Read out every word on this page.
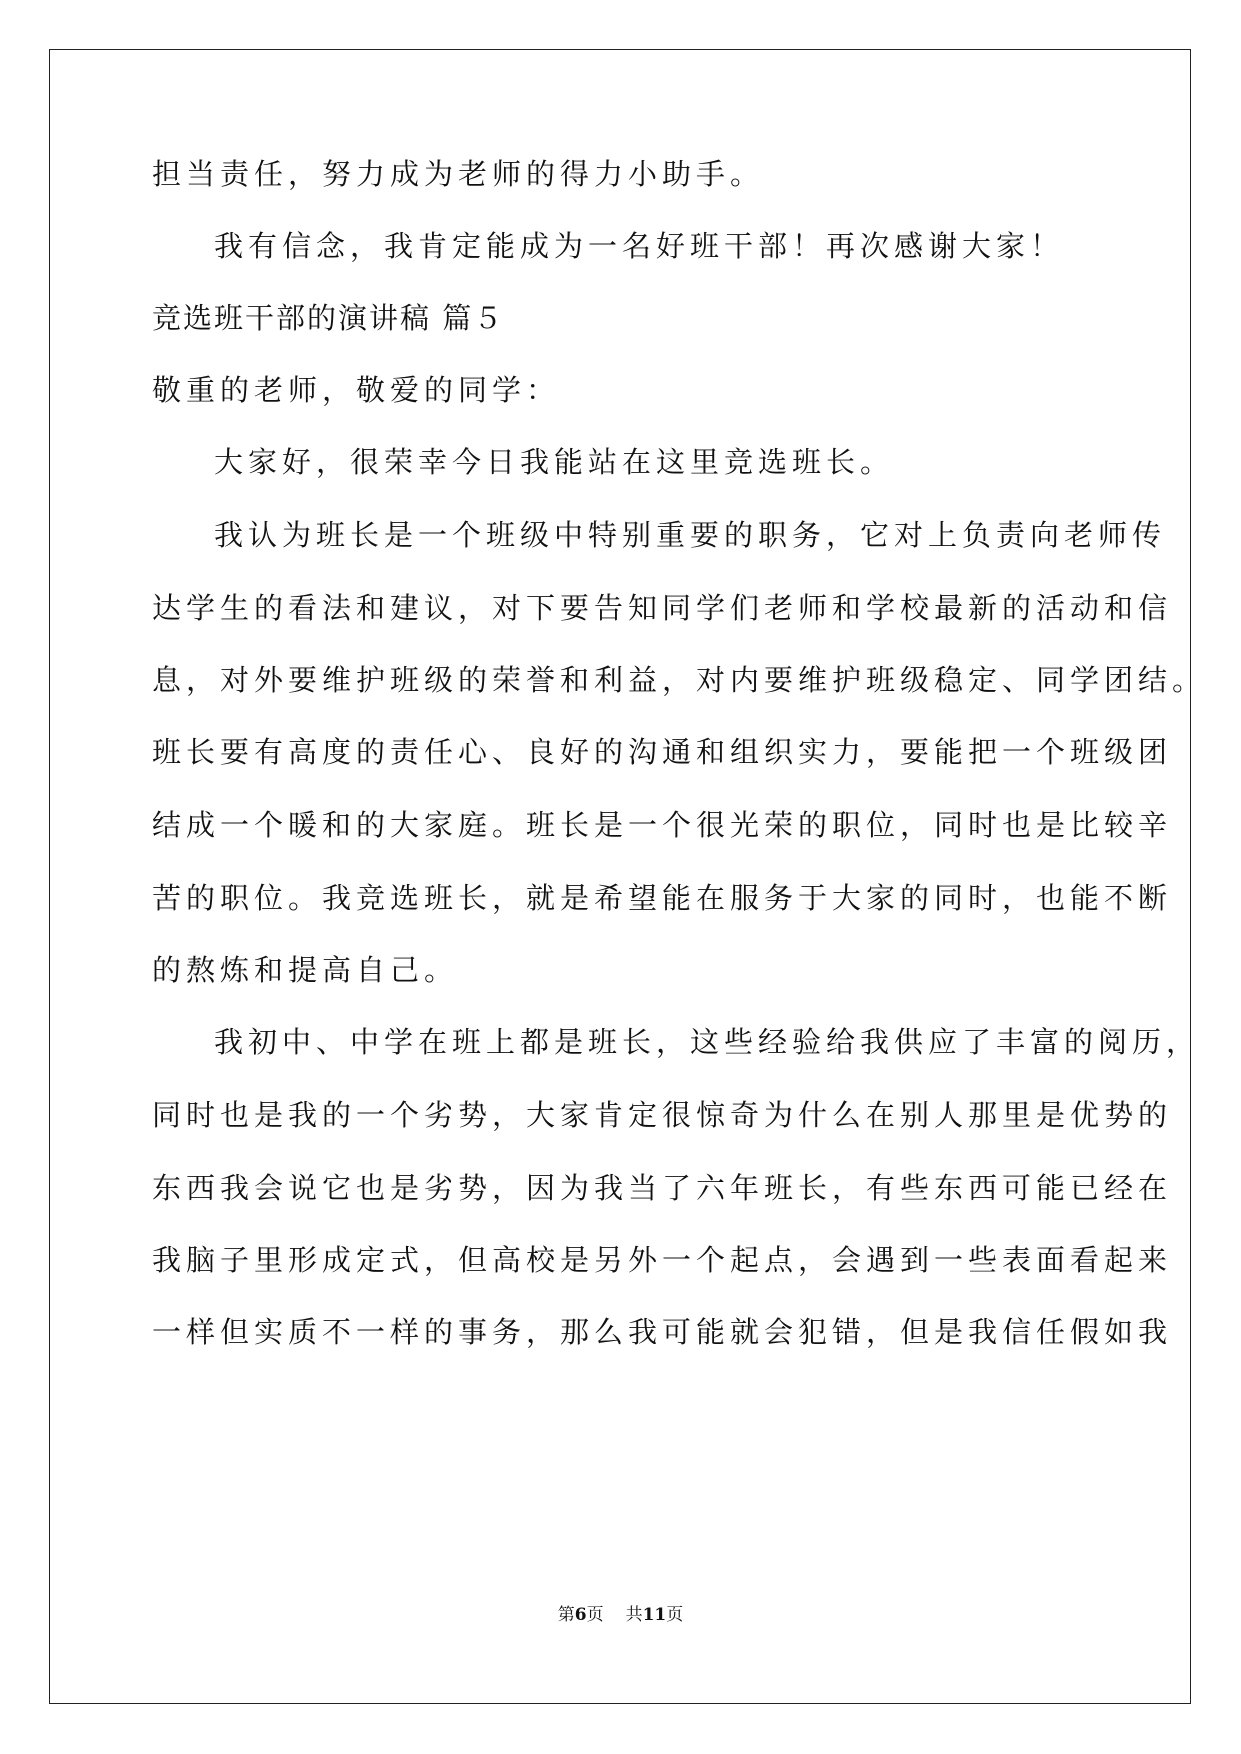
担当责任，努力成为老师的得力小助手。
我有信念，我肯定能成为一名好班干部！再次感谢大家！
竞选班干部的演讲稿 篇５
敬重的老师，敬爱的同学：
大家好，很荣幸今日我能站在这里竞选班长。
我认为班长是一个班级中特别重要的职务，它对上负责向老师传
达学生的看法和建议，对下要告知同学们老师和学校最新的活动和信
息，对外要维护班级的荣誉和利益，对内要维护班级稳定、同学团结。
班长要有高度的责任心、良好的沟通和组织实力，要能把一个班级团
结成一个暖和的大家庭。班长是一个很光荣的职位，同时也是比较辛
苦的职位。我竞选班长，就是希望能在服务于大家的同时，也能不断
的熬炼和提高自己。
我初中、中学在班上都是班长，这些经验给我供应了丰富的阅历，
同时也是我的一个劣势，大家肯定很惊奇为什么在别人那里是优势的
东西我会说它也是劣势，因为我当了六年班长，有些东西可能已经在
我脑子里形成定式，但高校是另外一个起点，会遇到一些表面看起来
一样但实质不一样的事务，那么我可能就会犯错，但是我信任假如我
第6页 共11页
